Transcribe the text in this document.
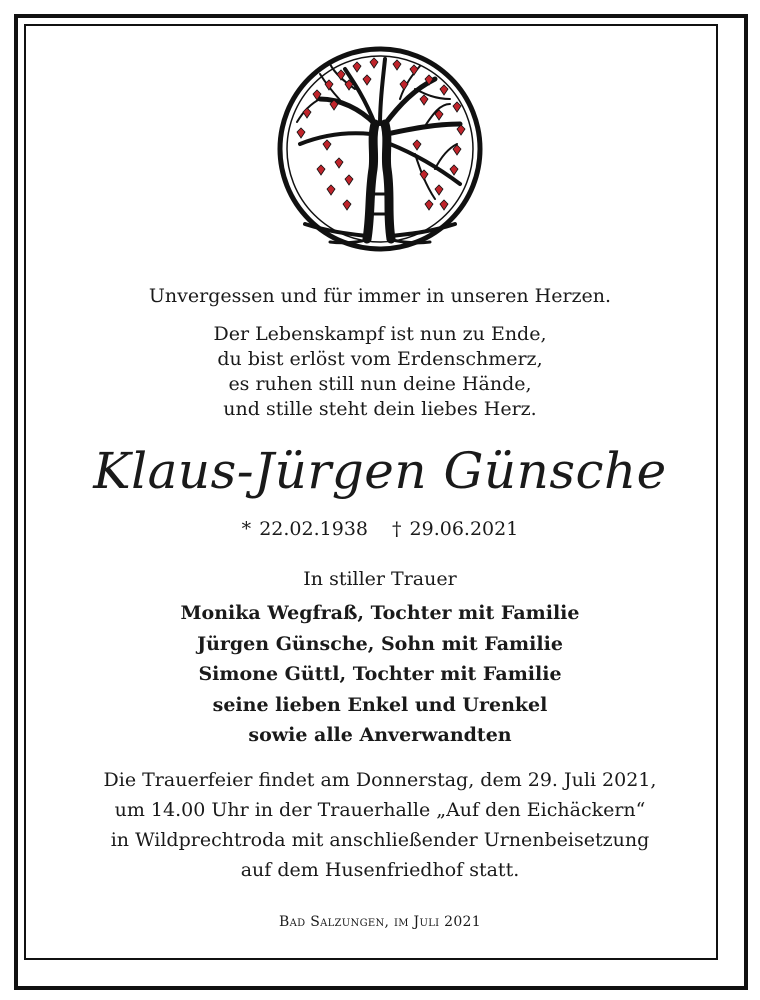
Unvergessen und für immer in unseren Herzen.
Der Lebenskampf ist nun zu Ende,
du bist erlöst vom Erdenschmerz,
es ruhen still nun deine Hände,
und stille steht dein liebes Herz.
Klaus-Jürgen Günsche
* 22.02.1938 † 29.06.2021
In stiller Trauer
Monika Wegfraß, Tochter mit Familie
Jürgen Günsche, Sohn mit Familie
Simone Güttl, Tochter mit Familie
seine lieben Enkel und Urenkel
sowie alle Anverwandten
Die Trauerfeier findet am Donnerstag, dem 29. Juli 2021,
um 14.00 Uhr in der Trauerhalle „Auf den Eichäckern“
in Wildprechtroda mit anschließender Urnenbeisetzung
auf dem Husenfriedhof statt.
Bad Salzungen, im Juli 2021
